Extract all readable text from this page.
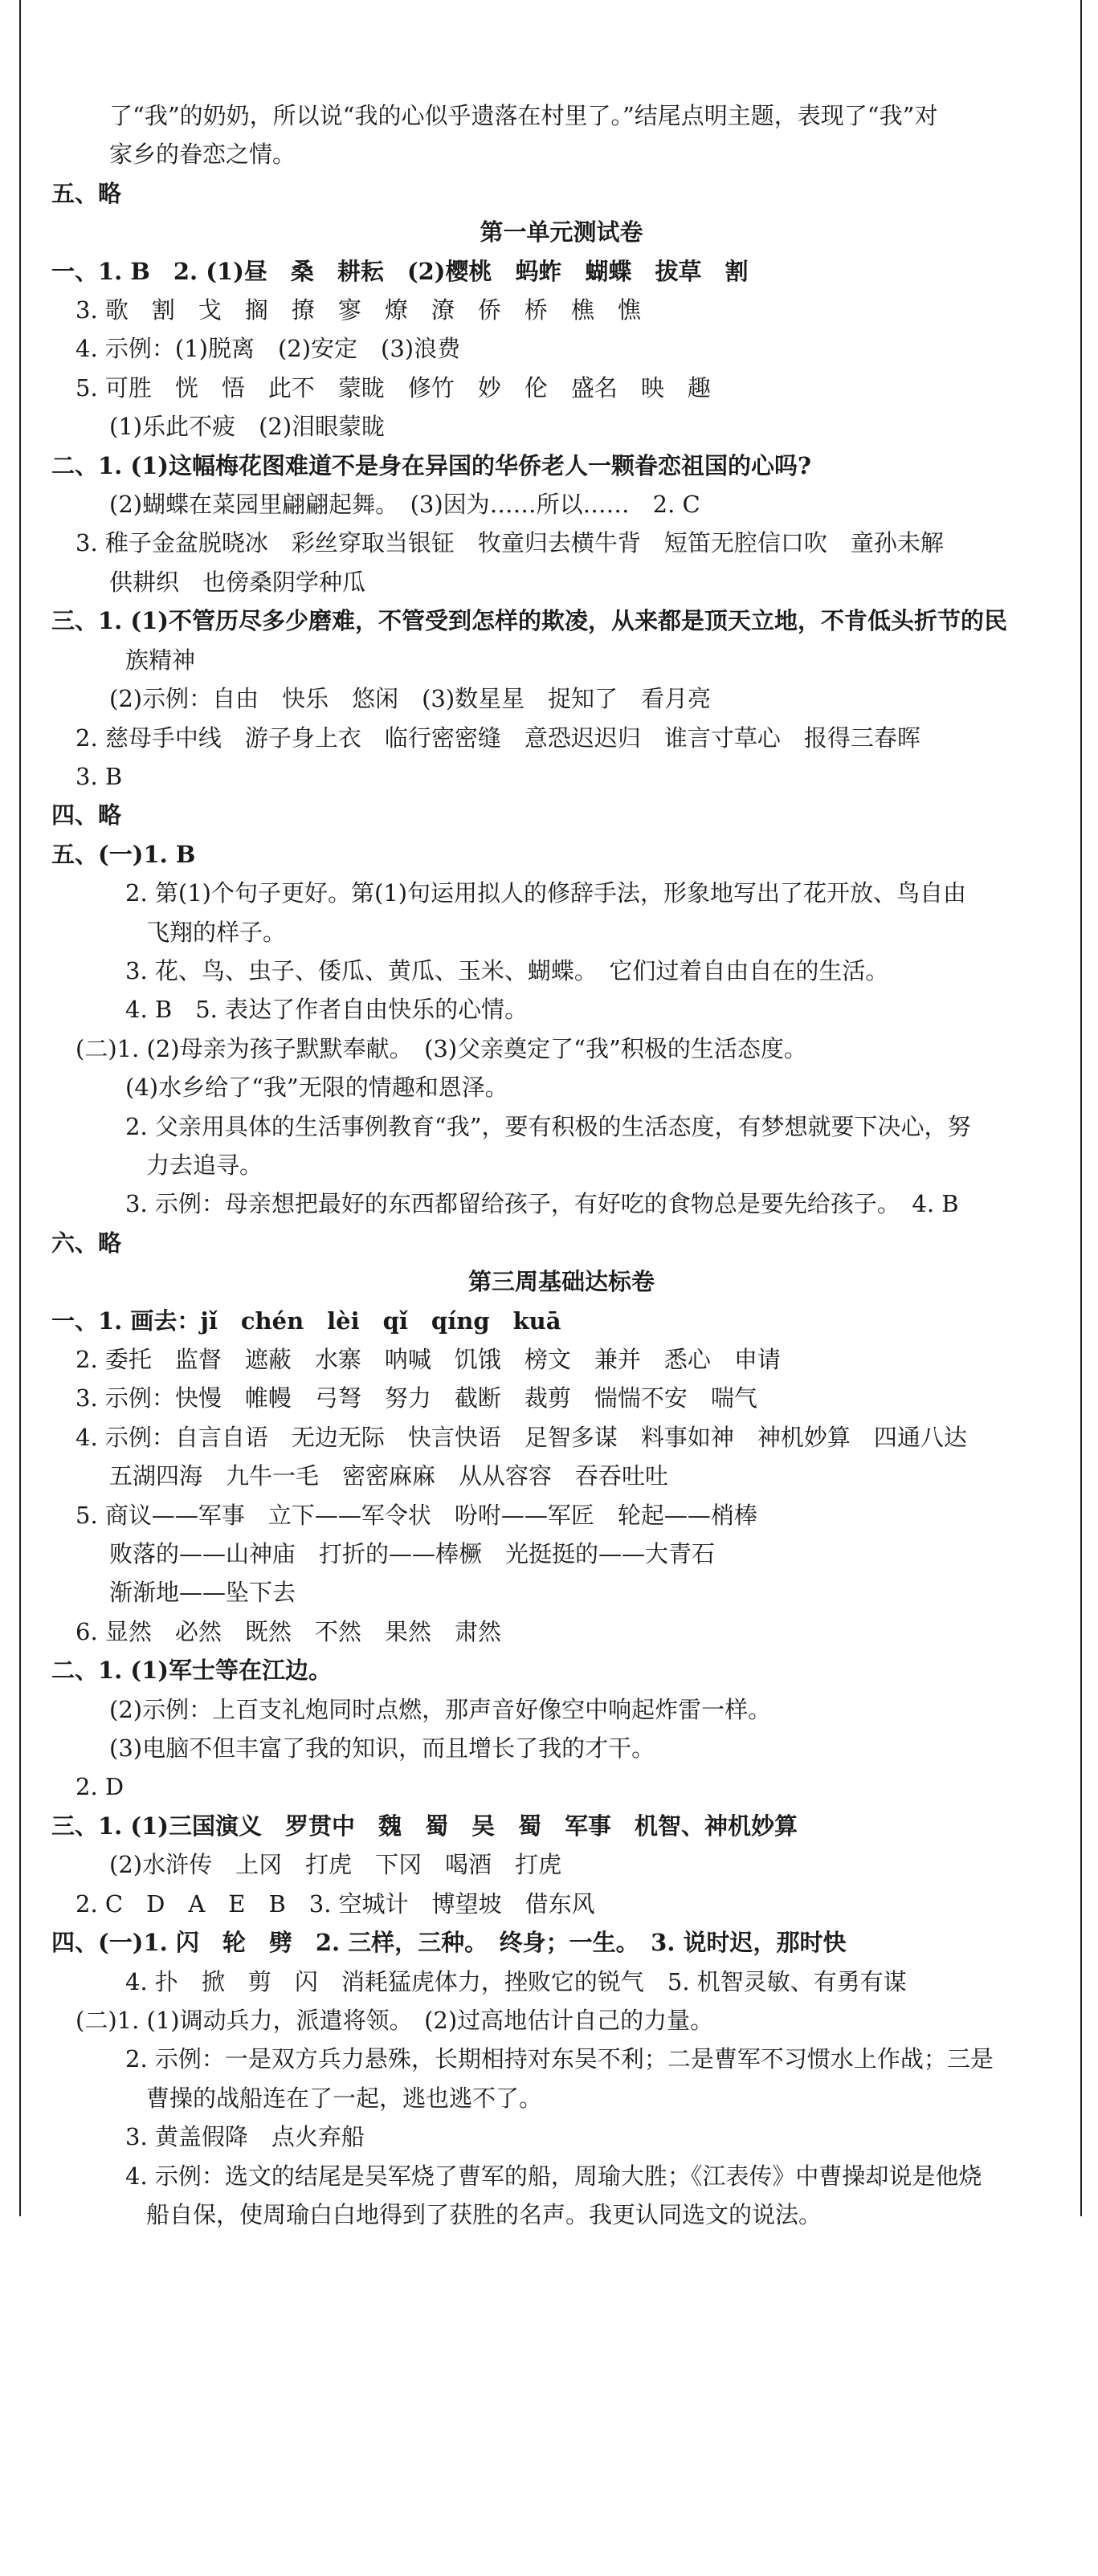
了“我”的奶奶，所以说“我的心似乎遗落在村里了。”结尾点明主题，表现了“我”对
家乡的眷恋之情。
五、略
第一单元测试卷
一、1. B　2. (1)昼　桑　耕耘　(2)樱桃　蚂蚱　蝴蝶　拔草　割
3. 歌　割　戈　搁　撩　寥　燎　潦　侨　桥　樵　憔
4. 示例：(1)脱离　(2)安定　(3)浪费
5. 可胜　恍　悟　此不　蒙眬　修竹　妙　伦　盛名　映　趣
(1)乐此不疲　(2)泪眼蒙眬
二、1. (1)这幅梅花图难道不是身在异国的华侨老人一颗眷恋祖国的心吗?
(2)蝴蝶在菜园里翩翩起舞。　(3)因为……所以……　2. C
3. 稚子金盆脱晓冰　彩丝穿取当银钲　牧童归去横牛背　短笛无腔信口吹　童孙未解
供耕织　也傍桑阴学种瓜
三、1. (1)不管历尽多少磨难，不管受到怎样的欺凌，从来都是顶天立地，不肯低头折节的民
族精神
(2)示例：自由　快乐　悠闲　(3)数星星　捉知了　看月亮
2. 慈母手中线　游子身上衣　临行密密缝　意恐迟迟归　谁言寸草心　报得三春晖
3. B
四、略
五、(一)1. B
2. 第(1)个句子更好。第(1)句运用拟人的修辞手法，形象地写出了花开放、鸟自由
飞翔的样子。
3. 花、鸟、虫子、倭瓜、黄瓜、玉米、蝴蝶。　它们过着自由自在的生活。
4. B　5. 表达了作者自由快乐的心情。
(二)1. (2)母亲为孩子默默奉献。　(3)父亲奠定了“我”积极的生活态度。
(4)水乡给了“我”无限的情趣和恩泽。
2. 父亲用具体的生活事例教育“我”，要有积极的生活态度，有梦想就要下决心，努
力去追寻。
3. 示例：母亲想把最好的东西都留给孩子，有好吃的食物总是要先给孩子。　4. B
六、略
第三周基础达标卷
一、1. 画去：jǐ　chén　lèi　qǐ　qíng　kuā
2. 委托　监督　遮蔽　水寨　呐喊　饥饿　榜文　兼并　悉心　申请
3. 示例：快慢　帷幔　弓弩　努力　截断　裁剪　惴惴不安　喘气
4. 示例：自言自语　无边无际　快言快语　足智多谋　料事如神　神机妙算　四通八达
五湖四海　九牛一毛　密密麻麻　从从容容　吞吞吐吐
5. 商议——军事　立下——军令状　吩咐——军匠　轮起——梢棒
败落的——山神庙　打折的——棒橛　光挺挺的——大青石
渐渐地——坠下去
6. 显然　必然　既然　不然　果然　肃然
二、1. (1)军士等在江边。
(2)示例：上百支礼炮同时点燃，那声音好像空中响起炸雷一样。
(3)电脑不但丰富了我的知识，而且增长了我的才干。
2. D
三、1. (1)三国演义　罗贯中　魏　蜀　吴　蜀　军事　机智、神机妙算
(2)水浒传　上冈　打虎　下冈　喝酒　打虎
2. C　D　A　E　B　3. 空城计　博望坡　借东风
四、(一)1. 闪　轮　劈　2. 三样，三种。　终身；一生。　3. 说时迟，那时快
4. 扑　掀　剪　闪　消耗猛虎体力，挫败它的锐气　5. 机智灵敏、有勇有谋
(二)1. (1)调动兵力，派遣将领。　(2)过高地估计自己的力量。
2. 示例：一是双方兵力悬殊，长期相持对东吴不利；二是曹军不习惯水上作战；三是
曹操的战船连在了一起，逃也逃不了。
3. 黄盖假降　点火弃船
4. 示例：选文的结尾是吴军烧了曹军的船，周瑜大胜；《江表传》中曹操却说是他烧
船自保，使周瑜白白地得到了获胜的名声。我更认同选文的说法。
